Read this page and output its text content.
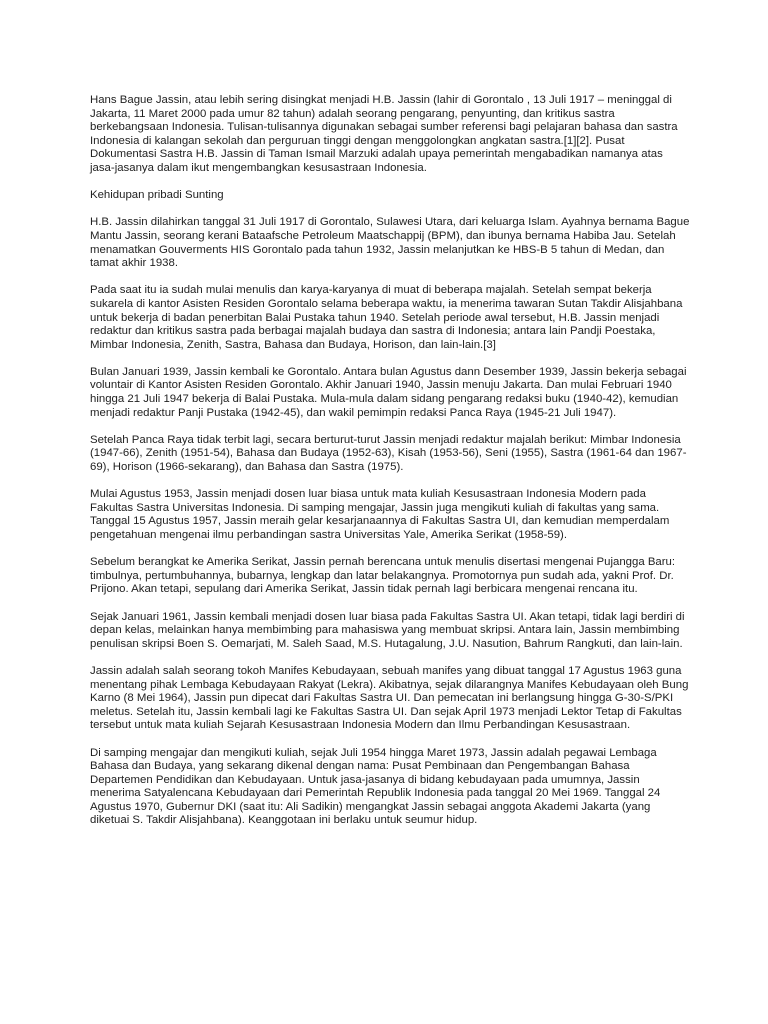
Hans Bague Jassin, atau lebih sering disingkat menjadi H.B. Jassin (lahir di Gorontalo , 13 Juli 1917 – meninggal di Jakarta, 11 Maret 2000 pada umur 82 tahun) adalah seorang pengarang, penyunting, dan kritikus sastra berkebangsaan Indonesia. Tulisan-tulisannya digunakan sebagai sumber referensi bagi pelajaran bahasa dan sastra Indonesia di kalangan sekolah dan perguruan tinggi dengan menggolongkan angkatan sastra.[1][2]. Pusat Dokumentasi Sastra H.B. Jassin di Taman Ismail Marzuki adalah upaya pemerintah mengabadikan namanya atas jasa-jasanya dalam ikut mengembangkan kesusastraan Indonesia.

Kehidupan pribadi Sunting

H.B. Jassin dilahirkan tanggal 31 Juli 1917 di Gorontalo, Sulawesi Utara, dari keluarga Islam. Ayahnya bernama Bague Mantu Jassin, seorang kerani Bataafsche Petroleum Maatschappij (BPM), dan ibunya bernama Habiba Jau. Setelah menamatkan Gouverments HIS Gorontalo pada tahun 1932, Jassin melanjutkan ke HBS-B 5 tahun di Medan, dan tamat akhir 1938.

Pada saat itu ia sudah mulai menulis dan karya-karyanya di muat di beberapa majalah. Setelah sempat bekerja sukarela di kantor Asisten Residen Gorontalo selama beberapa waktu, ia menerima tawaran Sutan Takdir Alisjahbana untuk bekerja di badan penerbitan Balai Pustaka tahun 1940. Setelah periode awal tersebut, H.B. Jassin menjadi redaktur dan kritikus sastra pada berbagai majalah budaya dan sastra di Indonesia; antara lain Pandji Poestaka, Mimbar Indonesia, Zenith, Sastra, Bahasa dan Budaya, Horison, dan lain-lain.[3]

Bulan Januari 1939, Jassin kembali ke Gorontalo. Antara bulan Agustus dann Desember 1939, Jassin bekerja sebagai voluntair di Kantor Asisten Residen Gorontalo. Akhir Januari 1940, Jassin menuju Jakarta. Dan mulai Februari 1940 hingga 21 Juli 1947 bekerja di Balai Pustaka. Mula-mula dalam sidang pengarang redaksi buku (1940-42), kemudian menjadi redaktur Panji Pustaka (1942-45), dan wakil pemimpin redaksi Panca Raya (1945-21 Juli 1947).

Setelah Panca Raya tidak terbit lagi, secara berturut-turut Jassin menjadi redaktur majalah berikut: Mimbar Indonesia (1947-66), Zenith (1951-54), Bahasa dan Budaya (1952-63), Kisah (1953-56), Seni (1955), Sastra (1961-64 dan 1967-69), Horison (1966-sekarang), dan Bahasa dan Sastra (1975).

Mulai Agustus 1953, Jassin menjadi dosen luar biasa untuk mata kuliah Kesusastraan Indonesia Modern pada Fakultas Sastra Universitas Indonesia. Di samping mengajar, Jassin juga mengikuti kuliah di fakultas yang sama. Tanggal 15 Agustus 1957, Jassin meraih gelar kesarjanaannya di Fakultas Sastra UI, dan kemudian memperdalam pengetahuan mengenai ilmu perbandingan sastra Universitas Yale, Amerika Serikat (1958-59).

Sebelum berangkat ke Amerika Serikat, Jassin pernah berencana untuk menulis disertasi mengenai Pujangga Baru: timbulnya, pertumbuhannya, bubarnya, lengkap dan latar belakangnya. Promotornya pun sudah ada, yakni Prof. Dr. Prijono. Akan tetapi, sepulang dari Amerika Serikat, Jassin tidak pernah lagi berbicara mengenai rencana itu.

Sejak Januari 1961, Jassin kembali menjadi dosen luar biasa pada Fakultas Sastra UI. Akan tetapi, tidak lagi berdiri di depan kelas, melainkan hanya membimbing para mahasiswa yang membuat skripsi. Antara lain, Jassin membimbing penulisan skripsi Boen S. Oemarjati, M. Saleh Saad, M.S. Hutagalung, J.U. Nasution, Bahrum Rangkuti, dan lain-lain.

Jassin adalah salah seorang tokoh Manifes Kebudayaan, sebuah manifes yang dibuat tanggal 17 Agustus 1963 guna menentang pihak Lembaga Kebudayaan Rakyat (Lekra). Akibatnya, sejak dilarangnya Manifes Kebudayaan oleh Bung Karno (8 Mei 1964), Jassin pun dipecat dari Fakultas Sastra UI. Dan pemecatan ini berlangsung hingga G-30-S/PKI meletus. Setelah itu, Jassin kembali lagi ke Fakultas Sastra UI. Dan sejak April 1973 menjadi Lektor Tetap di Fakultas tersebut untuk mata kuliah Sejarah Kesusastraan Indonesia Modern dan Ilmu Perbandingan Kesusastraan.

Di samping mengajar dan mengikuti kuliah, sejak Juli 1954 hingga Maret 1973, Jassin adalah pegawai Lembaga Bahasa dan Budaya, yang sekarang dikenal dengan nama: Pusat Pembinaan dan Pengembangan Bahasa Departemen Pendidikan dan Kebudayaan. Untuk jasa-jasanya di bidang kebudayaan pada umumnya, Jassin menerima Satyalencana Kebudayaan dari Pemerintah Republik Indonesia pada tanggal 20 Mei 1969. Tanggal 24 Agustus 1970, Gubernur DKI (saat itu: Ali Sadikin) mengangkat Jassin sebagai anggota Akademi Jakarta (yang diketuai S. Takdir Alisjahbana). Keanggotaan ini berlaku untuk seumur hidup.
